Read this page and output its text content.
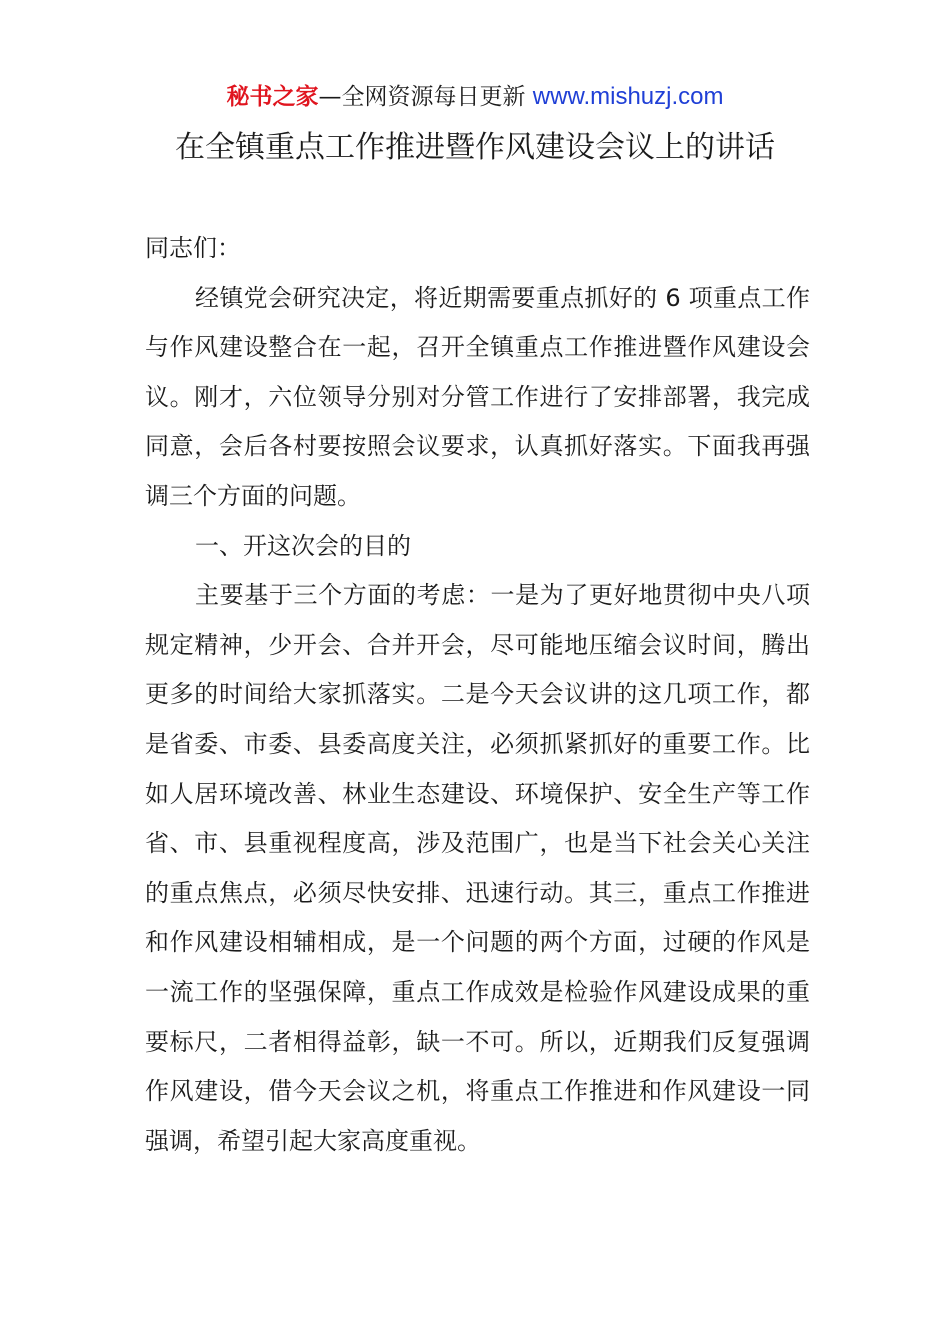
秘书之家—全网资源每日更新 www.mishuzj.com
在全镇重点工作推进暨作风建设会议上的讲话

同志们：

经镇党会研究决定，将近期需要重点抓好的 6 项重点工作与作风建设整合在一起，召开全镇重点工作推进暨作风建设会议。刚才，六位领导分别对分管工作进行了安排部署，我完成同意，会后各村要按照会议要求，认真抓好落实。下面我再强调三个方面的问题。

一、开这次会的目的

主要基于三个方面的考虑：一是为了更好地贯彻中央八项规定精神，少开会、合并开会，尽可能地压缩会议时间，腾出更多的时间给大家抓落实。二是今天会议讲的这几项工作，都是省委、市委、县委高度关注，必须抓紧抓好的重要工作。比如人居环境改善、林业生态建设、环境保护、安全生产等工作省、市、县重视程度高，涉及范围广，也是当下社会关心关注的重点焦点，必须尽快安排、迅速行动。其三，重点工作推进和作风建设相辅相成，是一个问题的两个方面，过硬的作风是一流工作的坚强保障，重点工作成效是检验作风建设成果的重要标尺，二者相得益彰，缺一不可。所以，近期我们反复强调作风建设，借今天会议之机，将重点工作推进和作风建设一同强调，希望引起大家高度重视。
